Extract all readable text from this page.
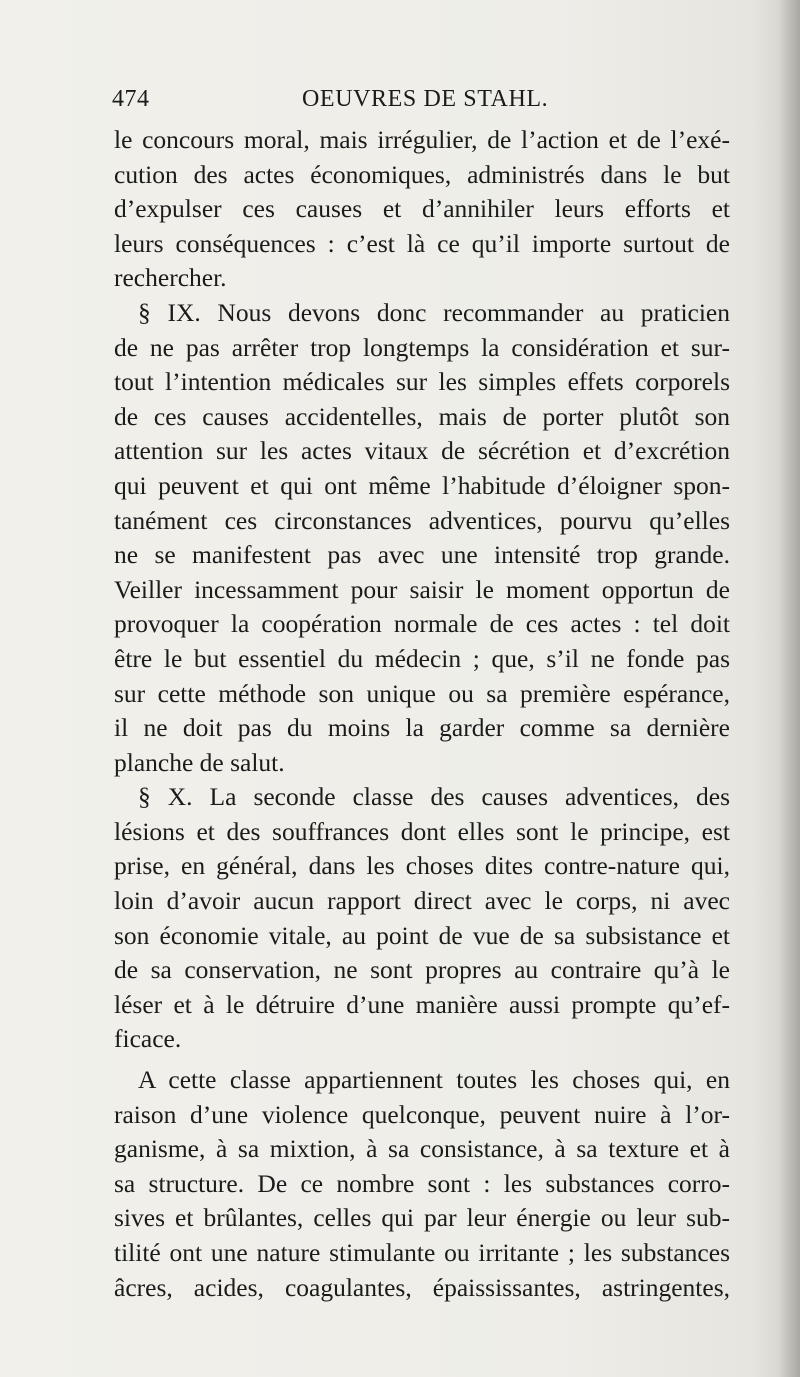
474	OEUVRES DE STAHL.
le concours moral, mais irrégulier, de l’action et de l’exé-
cution des actes économiques, administrés dans le but
d’expulser ces causes et d’annihiler leurs efforts et
leurs conséquences : c’est là ce qu’il importe surtout de
rechercher.
§ IX. Nous devons donc recommander au praticien
de ne pas arrêter trop longtemps la considération et sur-
tout l’intention médicales sur les simples effets corporels
de ces causes accidentelles, mais de porter plutôt son
attention sur les actes vitaux de sécrétion et d’excrétion
qui peuvent et qui ont même l’habitude d’éloigner spon-
tanément ces circonstances adventices, pourvu qu’elles
ne se manifestent pas avec une intensité trop grande.
Veiller incessamment pour saisir le moment opportun de
provoquer la coopération normale de ces actes : tel doit
être le but essentiel du médecin ; que, s’il ne fonde pas
sur cette méthode son unique ou sa première espérance,
il ne doit pas du moins la garder comme sa dernière
planche de salut.
§ X. La seconde classe des causes adventices, des
lésions et des souffrances dont elles sont le principe, est
prise, en général, dans les choses dites contre-nature qui,
loin d’avoir aucun rapport direct avec le corps, ni avec
son économie vitale, au point de vue de sa subsistance et
de sa conservation, ne sont propres au contraire qu’à le
léser et à le détruire d’une manière aussi prompte qu’ef-
ficace.
A cette classe appartiennent toutes les choses qui, en
raison d’une violence quelconque, peuvent nuire à l’or-
ganisme, à sa mixtion, à sa consistance, à sa texture et à
sa structure. De ce nombre sont : les substances corro-
sives et brûlantes, celles qui par leur énergie ou leur sub-
tilité ont une nature stimulante ou irritante ; les substances
âcres, acides, coagulantes, épaississantes, astringentes,
